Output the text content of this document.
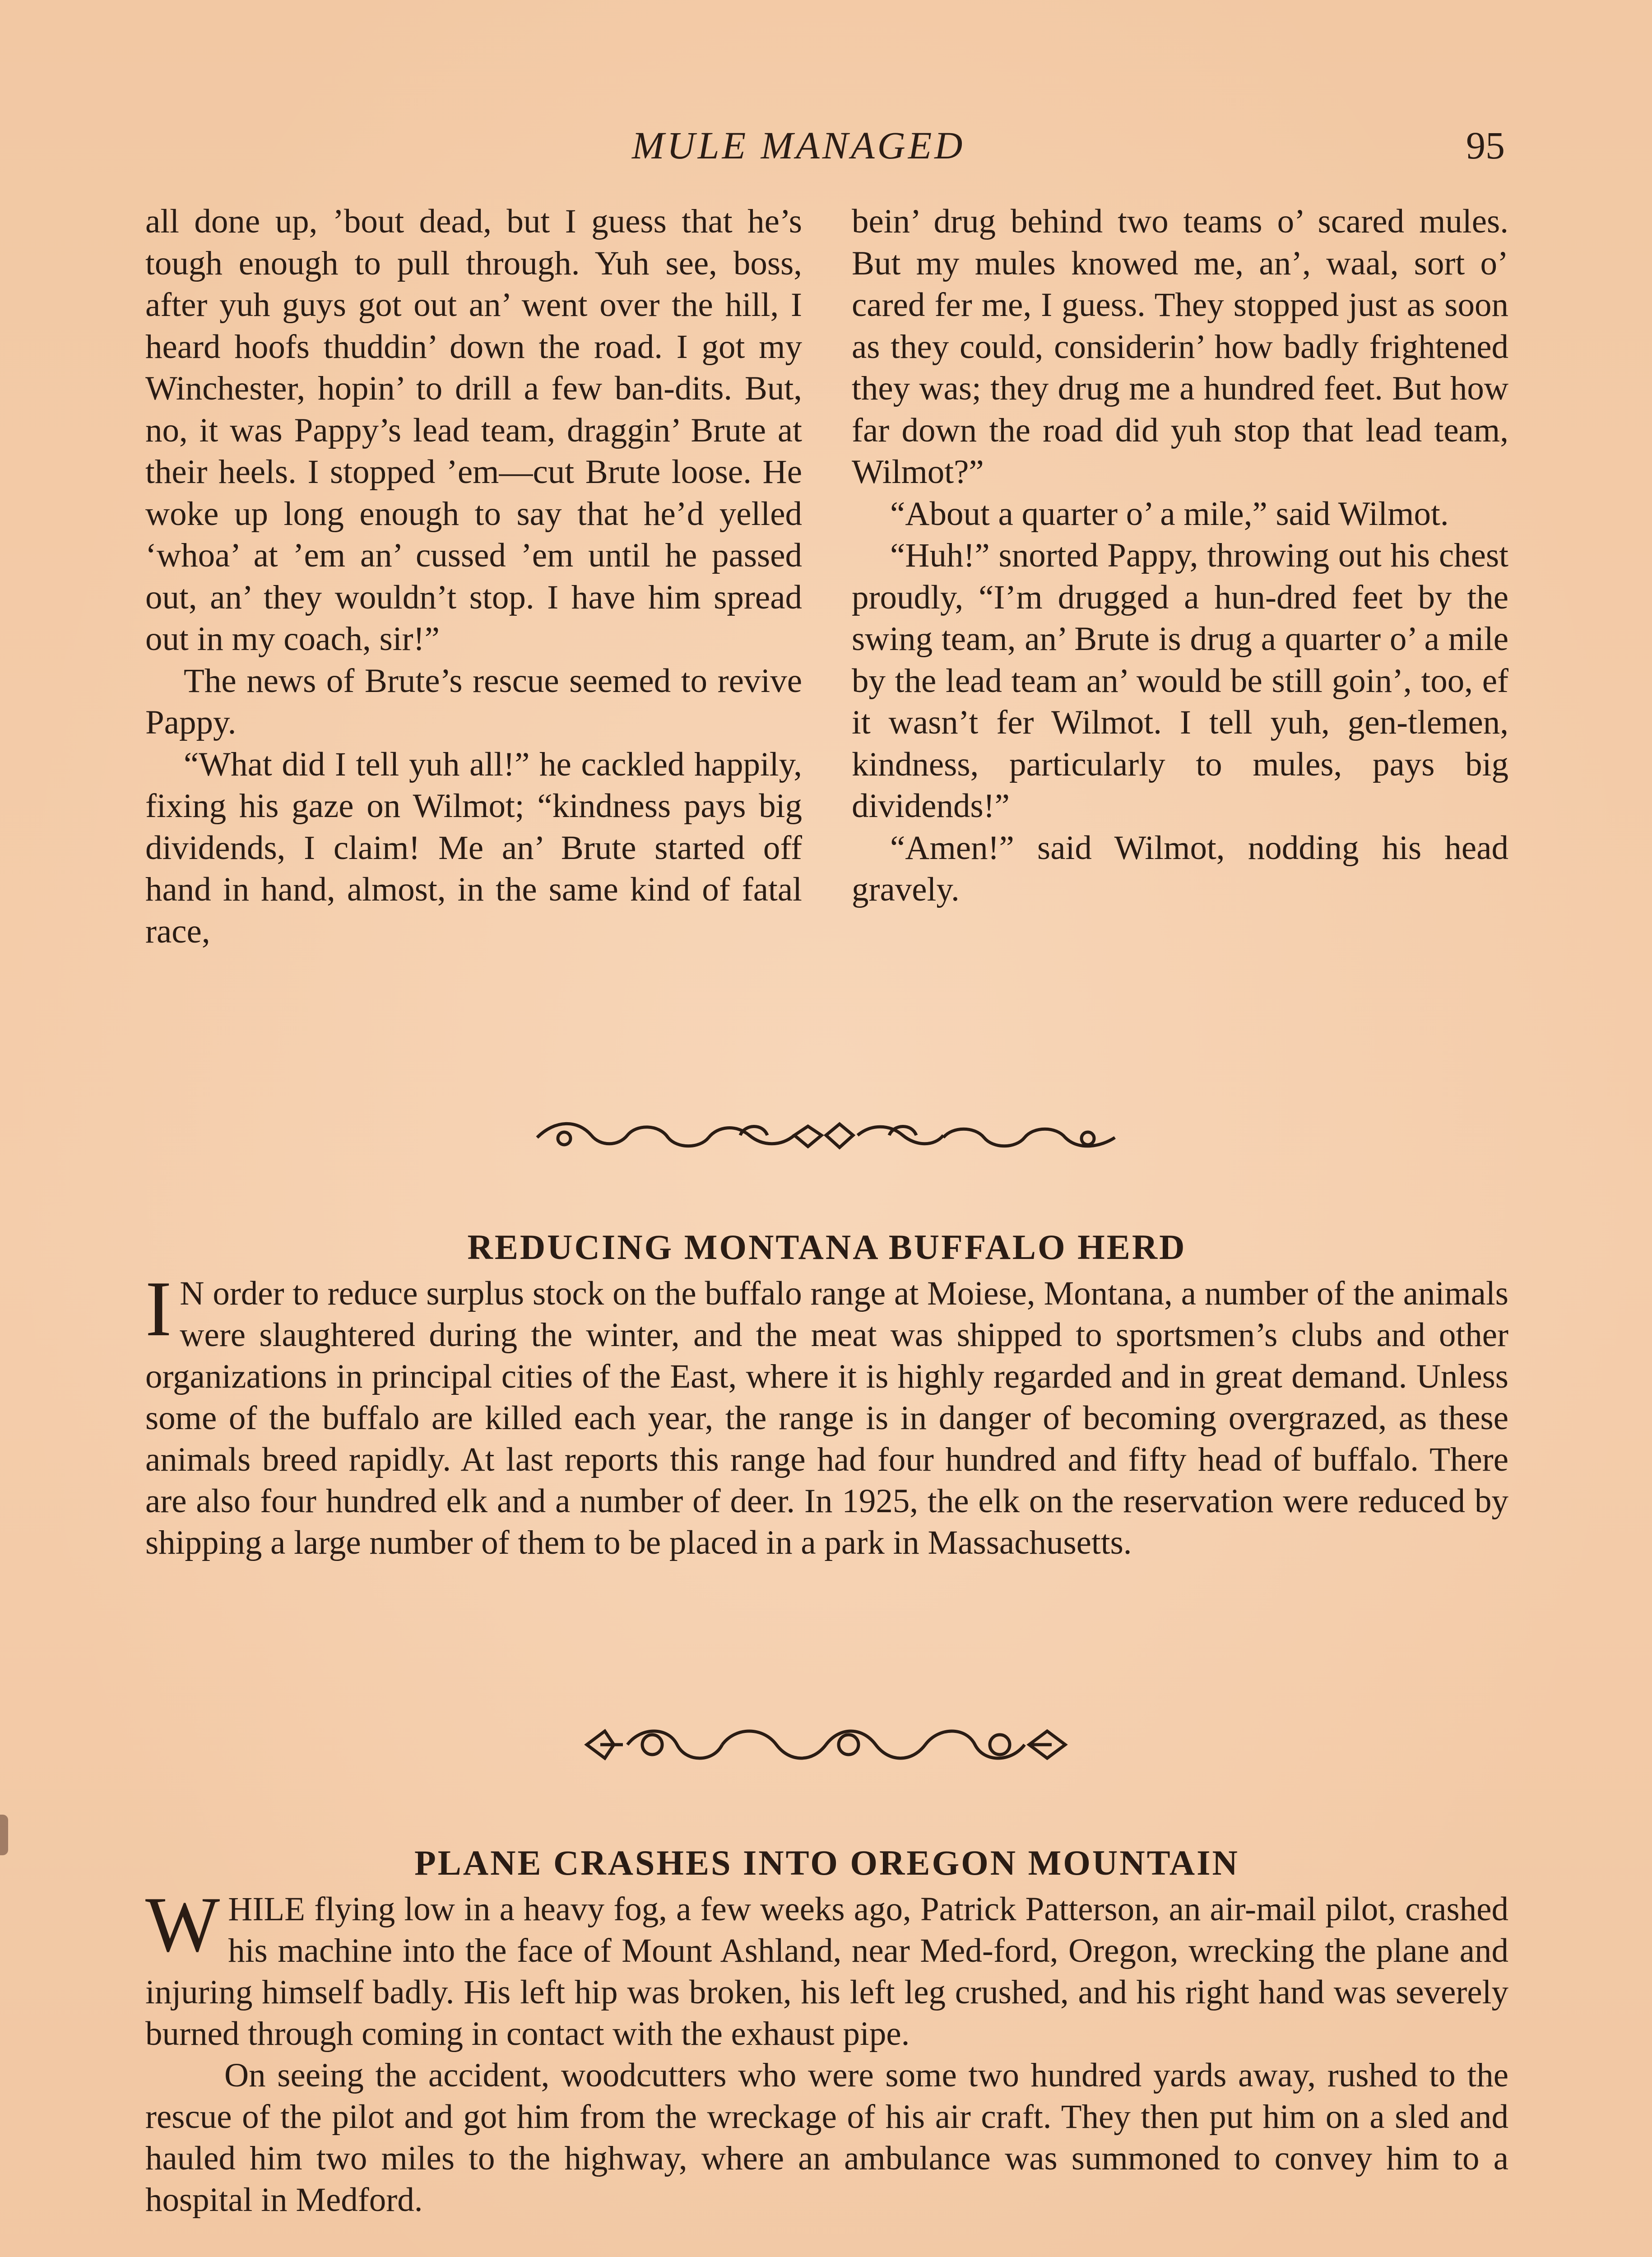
MULE MANAGED	95

all done up, ’bout dead, but I guess that he’s tough enough to pull through. Yuh see, boss, after yuh guys got out an’ went over the hill, I heard hoofs thuddin’ down the road. I got my Winchester, hopin’ to drill a few ban-dits. But, no, it was Pappy’s lead team, draggin’ Brute at their heels. I stopped ’em—cut Brute loose. He woke up long enough to say that he’d yelled ‘whoa’ at ’em an’ cussed ’em until he passed out, an’ they wouldn’t stop. I have him spread out in my coach, sir!”

The news of Brute’s rescue seemed to revive Pappy.

“What did I tell yuh all!” he cackled happily, fixing his gaze on Wilmot; “kindness pays big dividends, I claim! Me an’ Brute started off hand in hand, almost, in the same kind of fatal race,

bein’ drug behind two teams o’ scared mules. But my mules knowed me, an’, waal, sort o’ cared fer me, I guess. They stopped just as soon as they could, considerin’ how badly frightened they was; they drug me a hundred feet. But how far down the road did yuh stop that lead team, Wilmot?”

“About a quarter o’ a mile,” said Wilmot.

“Huh!” snorted Pappy, throwing out his chest proudly, “I’m drugged a hun-dred feet by the swing team, an’ Brute is drug a quarter o’ a mile by the lead team an’ would be still goin’, too, ef it wasn’t fer Wilmot. I tell yuh, gen-tlemen, kindness, particularly to mules, pays big dividends!”

“Amen!” said Wilmot, nodding his head gravely.

REDUCING MONTANA BUFFALO HERD

I N order to reduce surplus stock on the buffalo range at Moiese, Montana, a number of the animals were slaughtered during the winter, and the meat was shipped to sportsmen’s clubs and other organizations in principal cities of the East, where it is highly regarded and in great demand. Unless some of the buffalo are killed each year, the range is in danger of becoming overgrazed, as these animals breed rapidly. At last reports this range had four hundred and fifty head of buffalo. There are also four hundred elk and a number of deer. In 1925, the elk on the reservation were reduced by shipping a large number of them to be placed in a park in Massachusetts.

PLANE CRASHES INTO OREGON MOUNTAIN

WHILE flying low in a heavy fog, a few weeks ago, Patrick Patterson, an air-mail pilot, crashed his machine into the face of Mount Ashland, near Med-ford, Oregon, wrecking the plane and injuring himself badly. His left hip was broken, his left leg crushed, and his right hand was severely burned through coming in contact with the exhaust pipe.

On seeing the accident, woodcutters who were some two hundred yards away, rushed to the rescue of the pilot and got him from the wreckage of his air craft. They then put him on a sled and hauled him two miles to the highway, where an ambulance was summoned to convey him to a hospital in Medford.
